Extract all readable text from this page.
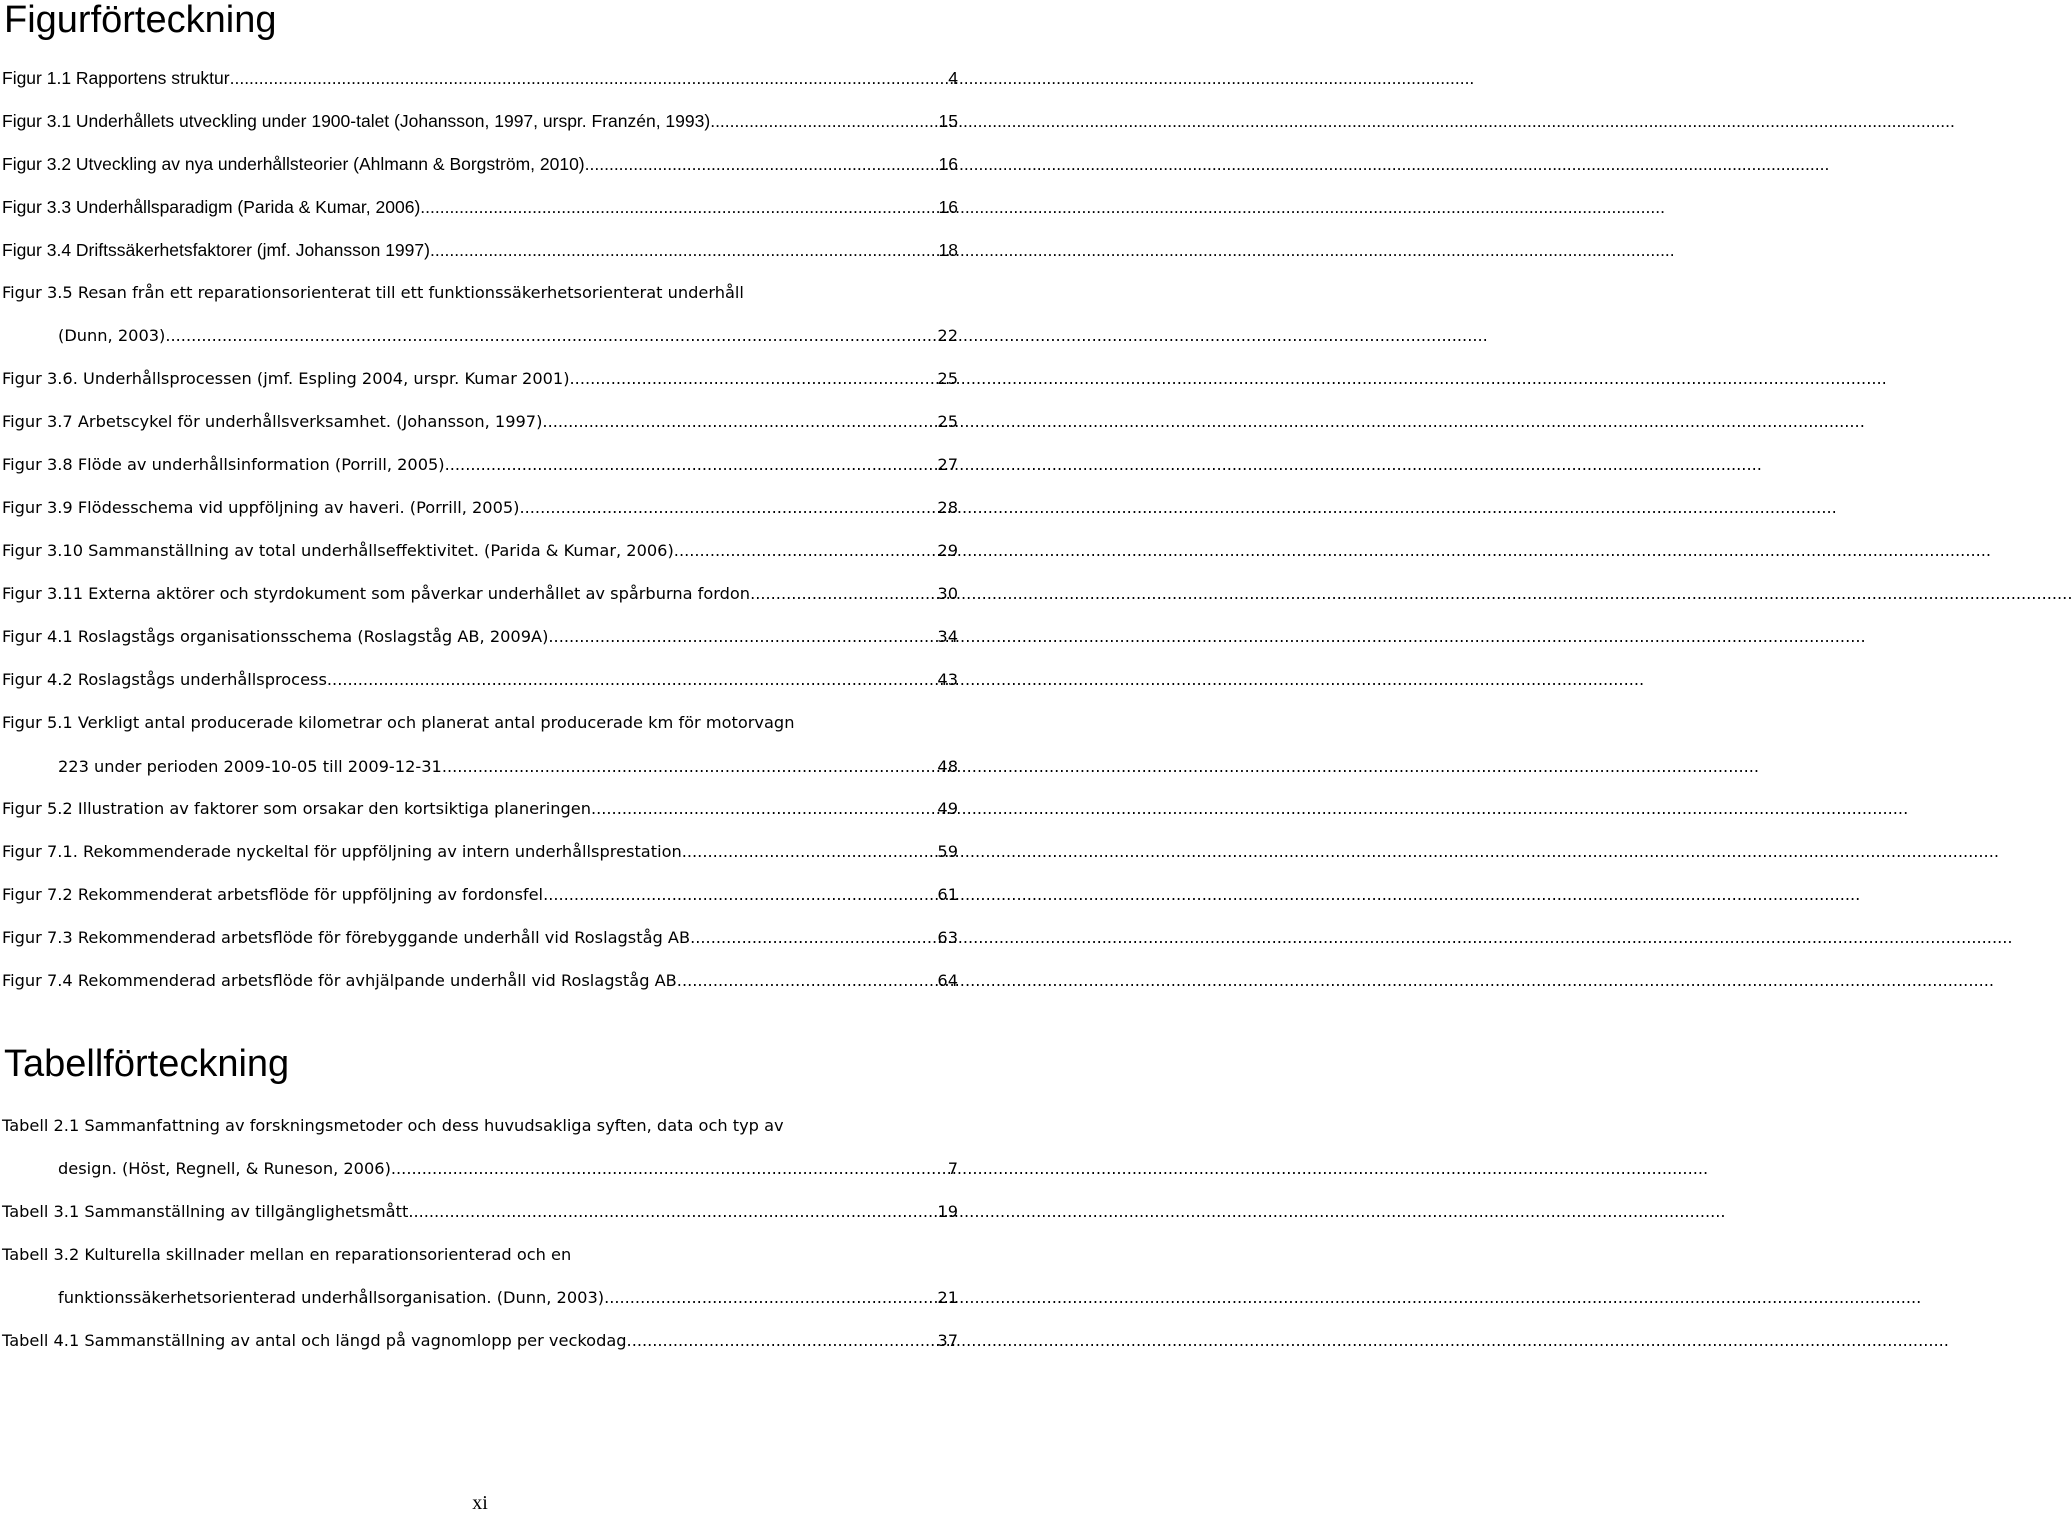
Figurförteckning
Figur 1.1 Rapportens struktur .....	4
Figur 3.1 Underhållets utveckling under 1900-talet (Johansson, 1997, urspr. Franzén, 1993) .....	15
Figur 3.2 Utveckling av nya underhållsteorier (Ahlmann & Borgström, 2010) .....	16
Figur 3.3 Underhållsparadigm (Parida & Kumar, 2006) .....	16
Figur 3.4 Driftssäkerhetsfaktorer (jmf. Johansson 1997) .....	18
Figur 3.5 Resan från ett reparationsorienterat till ett funktionssäkerhetsorienterat underhåll
(Dunn, 2003). .....	22
Figur 3.6. Underhållsprocessen (jmf. Espling 2004, urspr. Kumar 2001) .....	25
Figur 3.7 Arbetscykel för underhållsverksamhet. (Johansson, 1997). .....	25
Figur 3.8 Flöde av underhållsinformation (Porrill, 2005) .....	27
Figur 3.9 Flödesschema vid uppföljning av haveri. (Porrill, 2005) .....	28
Figur 3.10 Sammanställning av total underhållseffektivitet. (Parida & Kumar, 2006) .....	29
Figur 3.11 Externa aktörer och styrdokument som påverkar underhållet av spårburna fordon. .....	30
Figur 4.1 Roslagstågs organisationsschema (Roslagståg AB, 2009A) .....	34
Figur 4.2 Roslagstågs underhållsprocess .....	43
Figur 5.1 Verkligt antal producerade kilometrar och planerat antal producerade km för motorvagn
223 under perioden 2009-10-05 till 2009-12-31 .....	48
Figur 5.2 Illustration av faktorer som orsakar den kortsiktiga planeringen .....	49
Figur 7.1. Rekommenderade nyckeltal för uppföljning av intern underhållsprestation .....	59
Figur 7.2 Rekommenderat arbetsflöde för uppföljning av fordonsfel .....	61
Figur 7.3 Rekommenderad arbetsflöde för förebyggande underhåll vid Roslagståg AB. .....	63
Figur 7.4 Rekommenderad arbetsflöde för avhjälpande underhåll vid Roslagståg AB .....	64
Tabellförteckning
Tabell 2.1 Sammanfattning av forskningsmetoder och dess huvudsakliga syften, data och typ av
design. (Höst, Regnell, & Runeson, 2006) .....	7
Tabell 3.1 Sammanställning av tillgänglighetsmått .....	19
Tabell 3.2 Kulturella skillnader mellan en reparationsorienterad och en
funktionssäkerhetsorienterad underhållsorganisation. (Dunn, 2003) .....	21
Tabell 4.1 Sammanställning av antal och längd på vagnomlopp per veckodag. .....	37
xi
